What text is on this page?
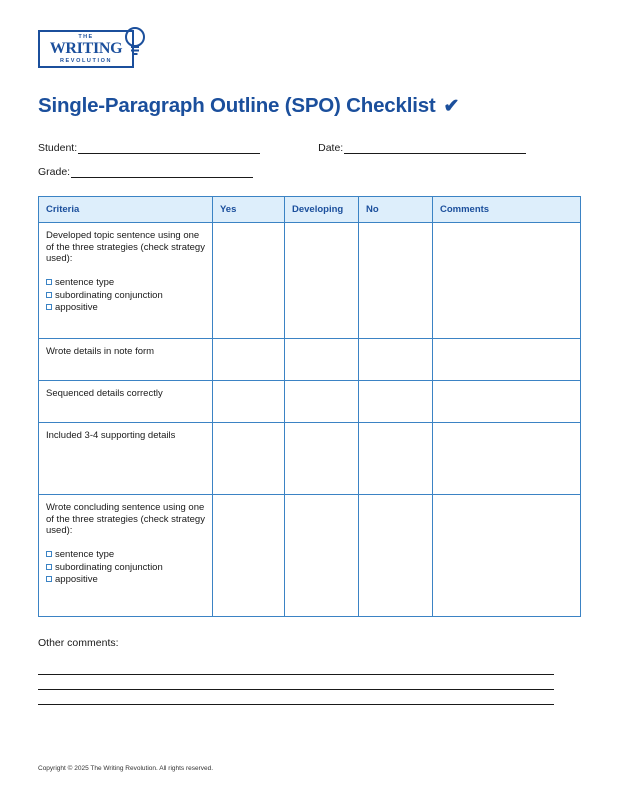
THE
WRITING
REVOLUTION
Single-Paragraph Outline (SPO) Checklist ✔
Student:	Date:
Grade:
Criteria	Yes	Developing	No	Comments

Developed topic sentence using one of the three strategies (check strategy used):
sentence type
subordinating conjunction
appositive				

Wrote details in note form				
Sequenced details correctly				
Included 3-4 supporting details				

Wrote concluding sentence using one of the three strategies (check strategy used):
sentence type
subordinating conjunction
appositive				

Other comments:
Copyright © 2025 The Writing Revolution. All rights reserved.
